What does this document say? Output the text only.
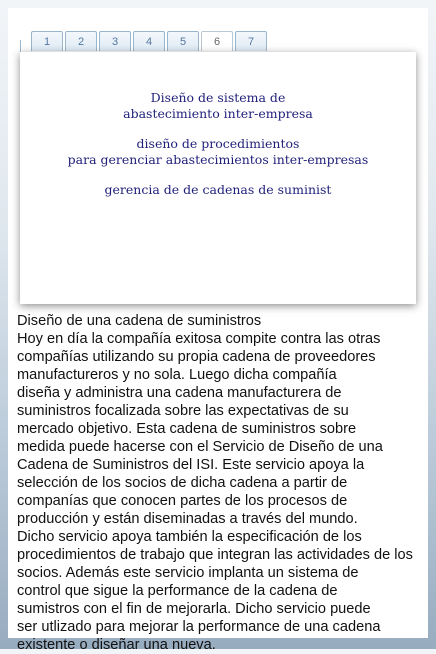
1	2	3	4	5	6	7
Diseño de sistema de
abastecimiento inter-empresa
diseño de procedimientos
para gerenciar abastecimientos inter-empresas
gerencia de de cadenas de suminist
Diseño de una cadena de suministros
Hoy en día la compañía exitosa compite contra las otras
compañías utilizando su propia cadena de proveedores
manufactureros y no sola. Luego dicha compañía
diseña y administra una cadena manufacturera de
suministros focalizada sobre las expectativas de su
mercado objetivo. Esta cadena de suministros sobre
medida puede hacerse con el Servicio de Diseño de una
Cadena de Suministros del ISI. Este servicio apoya la
selección de los socios de dicha cadena a partir de
companías que conocen partes de los procesos de
producción y están diseminadas a través del mundo.
Dicho servicio apoya también la especificación de los
procedimientos de trabajo que integran las actividades de los
socios. Además este servicio implanta un sistema de
control que sigue la performance de la cadena de
sumistros con el fin de mejorarla. Dicho servicio puede
ser utlizado para mejorar la performance de una cadena
existente o diseñar una nueva.
